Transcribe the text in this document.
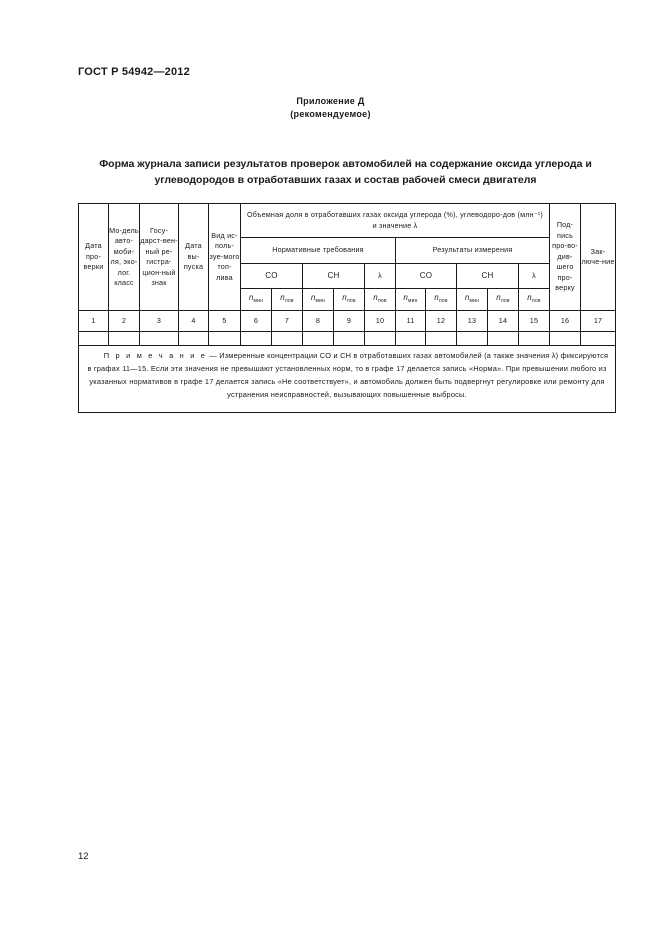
ГОСТ Р 54942—2012
Приложение Д
(рекомендуемое)
Форма журнала записи результатов проверок автомобилей на содержание оксида углерода и углеводородов в отработавших газах и состав рабочей смеси двигателя
Дата про-верки	Мо-дель авто-моби-ля, эко-лог. класс	Госу-дарст-вен-ный ре-гистра-цион-ный знак	Дата вы-пуска	Вид ис-поль-зуе-мого топ-лива	Объемная доля в отработавших газах оксида углерода (%), углеводоро-дов (млн⁻¹) и значение λ										Под-пись про-во-див-шего про-верку	Зак-люче-ние
					Нормативные требования					Результаты измерения						
					CO		CH		λ	CO		CH		λ		
					$n_{мин}$	$n_{пов}$	$n_{мин}$	$n_{пов}$	$n_{пов}$	$n_{мин}$	$n_{пов}$	$n_{мин}$	$n_{пов}$	$n_{пов}$
1	2	3	4	5	6	7	8	9	10	11	12	13	14	15	16	17

П р и м е ч а н и е — Измеренные концентрации CO и CH в отработавших газах автомобилей (а также значения λ) фиксируются в графах 11—15. Если эти значения не превышают установленных норм, то в графе 17 делается запись «Норма». При превышении любого из указанных нормативов в графе 17 делается запись «Не соответствует», и автомобиль должен быть подвергнут регулировке или ремонту для устранения неисправностей, вызывающих повышенные выбросы.																
12
